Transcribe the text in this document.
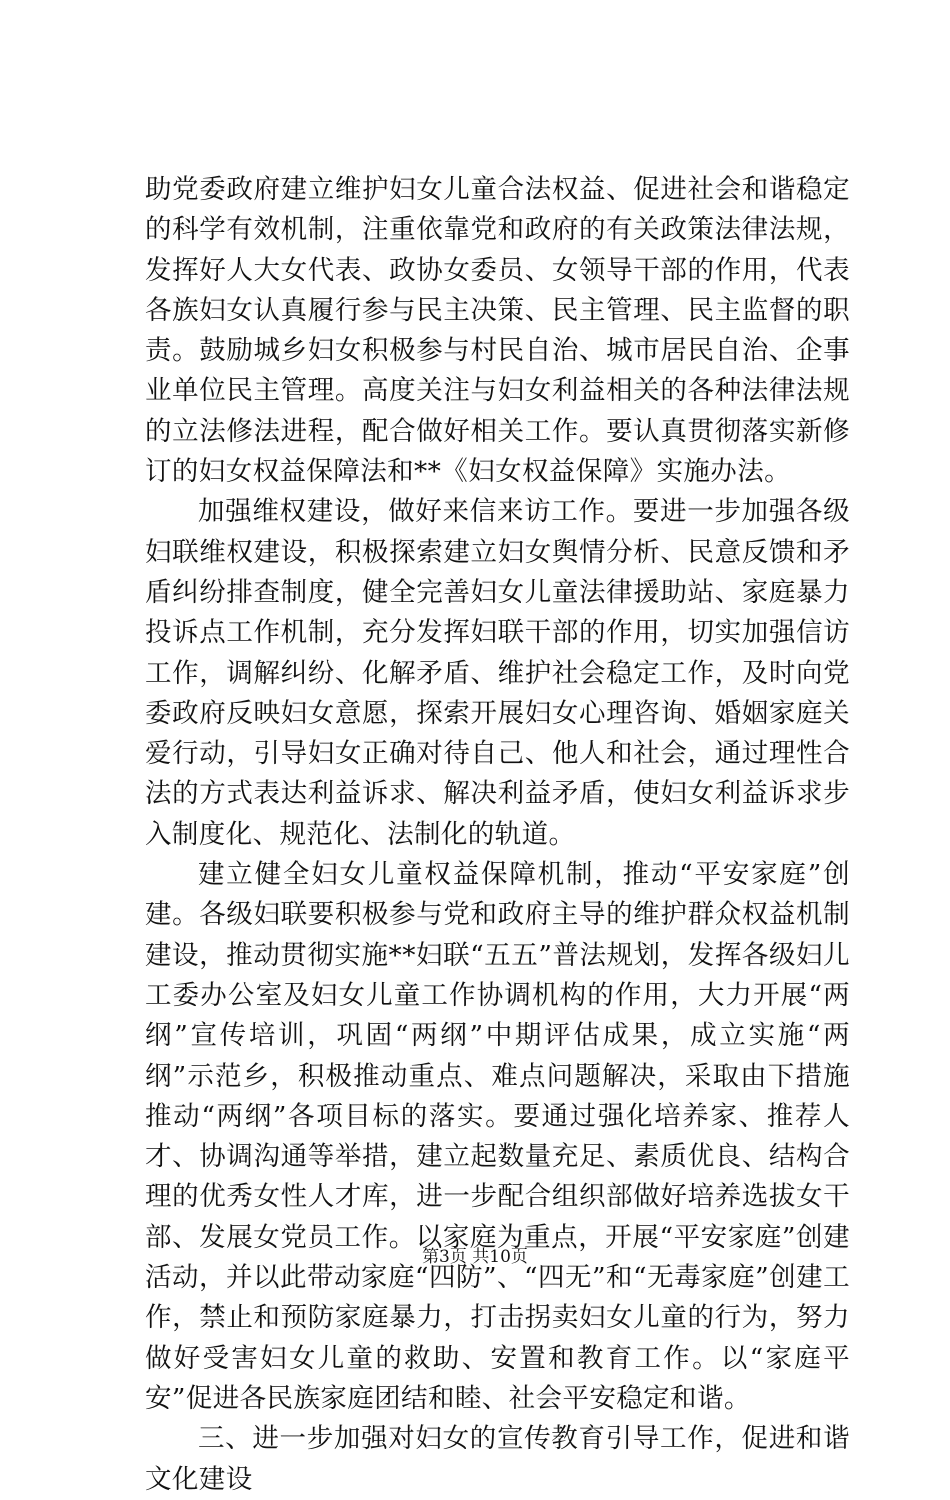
助党委政府建立维护妇女儿童合法权益、促进社会和谐稳定的科学有效机制，注重依靠党和政府的有关政策法律法规，发挥好人大女代表、政协女委员、女领导干部的作用，代表各族妇女认真履行参与民主决策、民主管理、民主监督的职责。鼓励城乡妇女积极参与村民自治、城市居民自治、企事业单位民主管理。高度关注与妇女利益相关的各种法律法规的立法修法进程，配合做好相关工作。要认真贯彻落实新修订的妇女权益保障法和**《妇女权益保障》实施办法。

加强维权建设，做好来信来访工作。要进一步加强各级妇联维权建设，积极探索建立妇女舆情分析、民意反馈和矛盾纠纷排查制度，健全完善妇女儿童法律援助站、家庭暴力投诉点工作机制，充分发挥妇联干部的作用，切实加强信访工作，调解纠纷、化解矛盾、维护社会稳定工作，及时向党委政府反映妇女意愿，探索开展妇女心理咨询、婚姻家庭关爱行动，引导妇女正确对待自己、他人和社会，通过理性合法的方式表达利益诉求、解决利益矛盾，使妇女利益诉求步入制度化、规范化、法制化的轨道。

建立健全妇女儿童权益保障机制，推动“平安家庭”创建。各级妇联要积极参与党和政府主导的维护群众权益机制建设，推动贯彻实施**妇联“五五”普法规划，发挥各级妇儿工委办公室及妇女儿童工作协调机构的作用，大力开展“两纲”宣传培训，巩固“两纲”中期评估成果，成立实施“两纲”示范乡，积极推动重点、难点问题解决，采取由下措施推动“两纲”各项目标的落实。要通过强化培养家、推荐人才、协调沟通等举措，建立起数量充足、素质优良、结构合理的优秀女性人才库，进一步配合组织部做好培养选拔女干部、发展女党员工作。以家庭为重点，开展“平安家庭”创建活动，并以此带动家庭“四防”、“四无”和“无毒家庭”创建工作，禁止和预防家庭暴力，打击拐卖妇女儿童的行为，努力做好受害妇女儿童的救助、安置和教育工作。以“家庭平安”促进各民族家庭团结和睦、社会平安稳定和谐。

三、进一步加强对妇女的宣传教育引导工作，促进和谐文化建设

第3页 共10页
